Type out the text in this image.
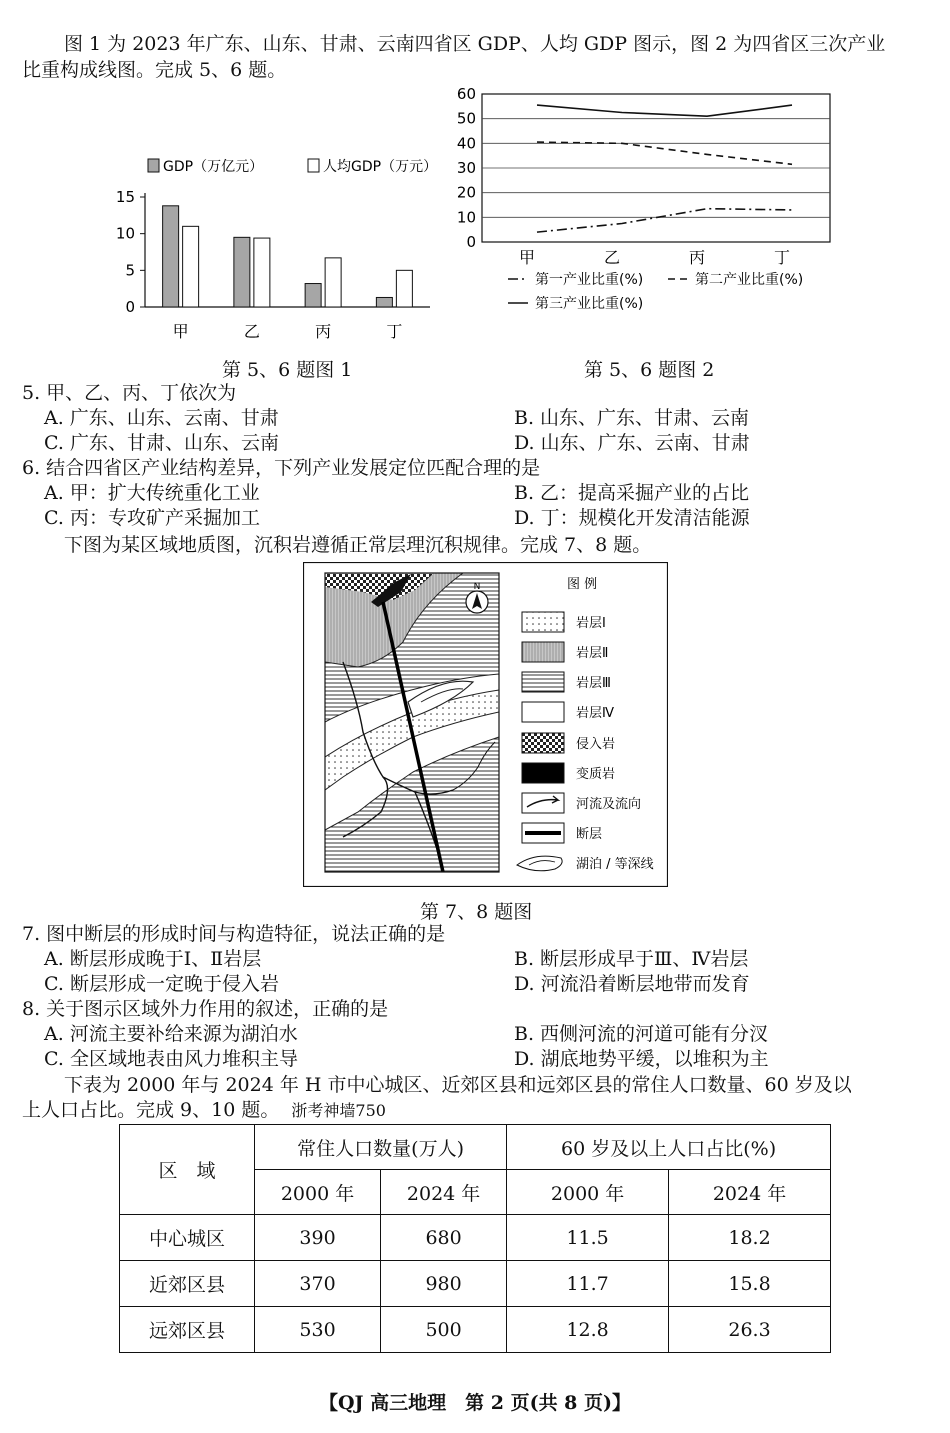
图 1 为 2023 年广东、山东、甘肃、云南四省区 GDP、人均 GDP 图示，图 2 为四省区三次产业
比重构成线图。完成 5、6 题。
GDP（万亿元）	人均GDP（万元）
0
5
10
15
甲	乙	丙	丁
第 5、6 题图 1
0
10
20
30
40
50
60
甲	乙	丙	丁
第一产业比重(%)	第二产业比重(%)
第三产业比重(%)
第 5、6 题图 2
5. 甲、乙、丙、丁依次为
A. 广东、山东、云南、甘肃	B. 山东、广东、甘肃、云南
C. 广东、甘肃、山东、云南	D. 山东、广东、云南、甘肃
6. 结合四省区产业结构差异，下列产业发展定位匹配合理的是
A. 甲：扩大传统重化工业	B. 乙：提高采掘产业的占比
C. 丙：专攻矿产采掘加工	D. 丁：规模化开发清洁能源
下图为某区域地质图，沉积岩遵循正常层理沉积规律。完成 7、8 题。
N	图 例
岩层Ⅰ
岩层Ⅱ
岩层Ⅲ
岩层Ⅳ
侵入岩
变质岩
河流及流向
断层
湖泊 / 等深线
第 7、8 题图
7. 图中断层的形成时间与构造特征，说法正确的是
A. 断层形成晚于Ⅰ、Ⅱ岩层	B. 断层形成早于Ⅲ、Ⅳ岩层
C. 断层形成一定晚于侵入岩	D. 河流沿着断层地带而发育
8. 关于图示区域外力作用的叙述，正确的是
A. 河流主要补给来源为湖泊水	B. 西侧河流的河道可能有分汊
C. 全区域地表由风力堆积主导	D. 湖底地势平缓，以堆积为主
下表为 2000 年与 2024 年 H 市中心城区、近郊区县和远郊区县的常住人口数量、60 岁及以
上人口占比。完成 9、10 题。 浙考神墙750
区　域	常住人口数量(万人)		60 岁及以上人口占比(%)	
	2000 年	2024 年	2000 年	2024 年
中心城区	390	680	11.5	18.2
近郊区县	370	980	11.7	15.8
远郊区县	530	500	12.8	26.3
【QJ 高三地理　第 2 页(共 8 页)】
